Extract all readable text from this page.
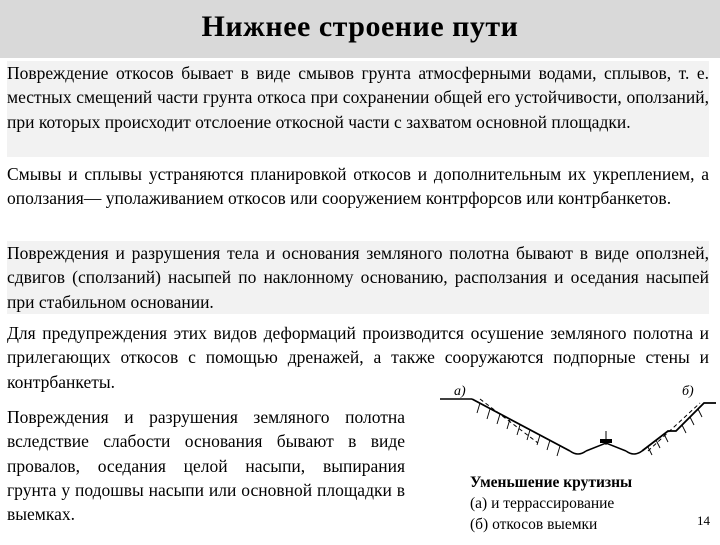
Нижнее строение пути

Повреждение откосов бывает в виде смывов грунта атмосферными водами, сплывов, т. е. местных смещений части грунта откоса при сохранении общей его устойчивости, оползаний, при которых происходит отслоение откосной части с захватом основной площадки.

Смывы и сплывы устраняются планировкой откосов и дополнительным их укреплением, а оползания— уполаживанием откосов или сооружением контрфорсов или контрбанкетов.

Повреждения и разрушения тела и основания земляного полотна бывают в виде оползней, сдвигов (сползаний) насыпей по наклонному основанию, расползания и оседания насыпей при стабильном основании.

Для предупреждения этих видов деформаций производится осушение земляного полотна и прилегающих откосов с помощью дренажей, а также сооружаются подпорные стены и контрбанкеты.

Повреждения и разрушения земляного полотна вследствие слабости основания бывают в виде провалов, оседания целой насыпи, выпирания грунта у подошвы насыпи или основной площадки в выемках.

а)	б)
Уменьшение крутизны
(а) и террассирование
(б) откосов выемки	14
